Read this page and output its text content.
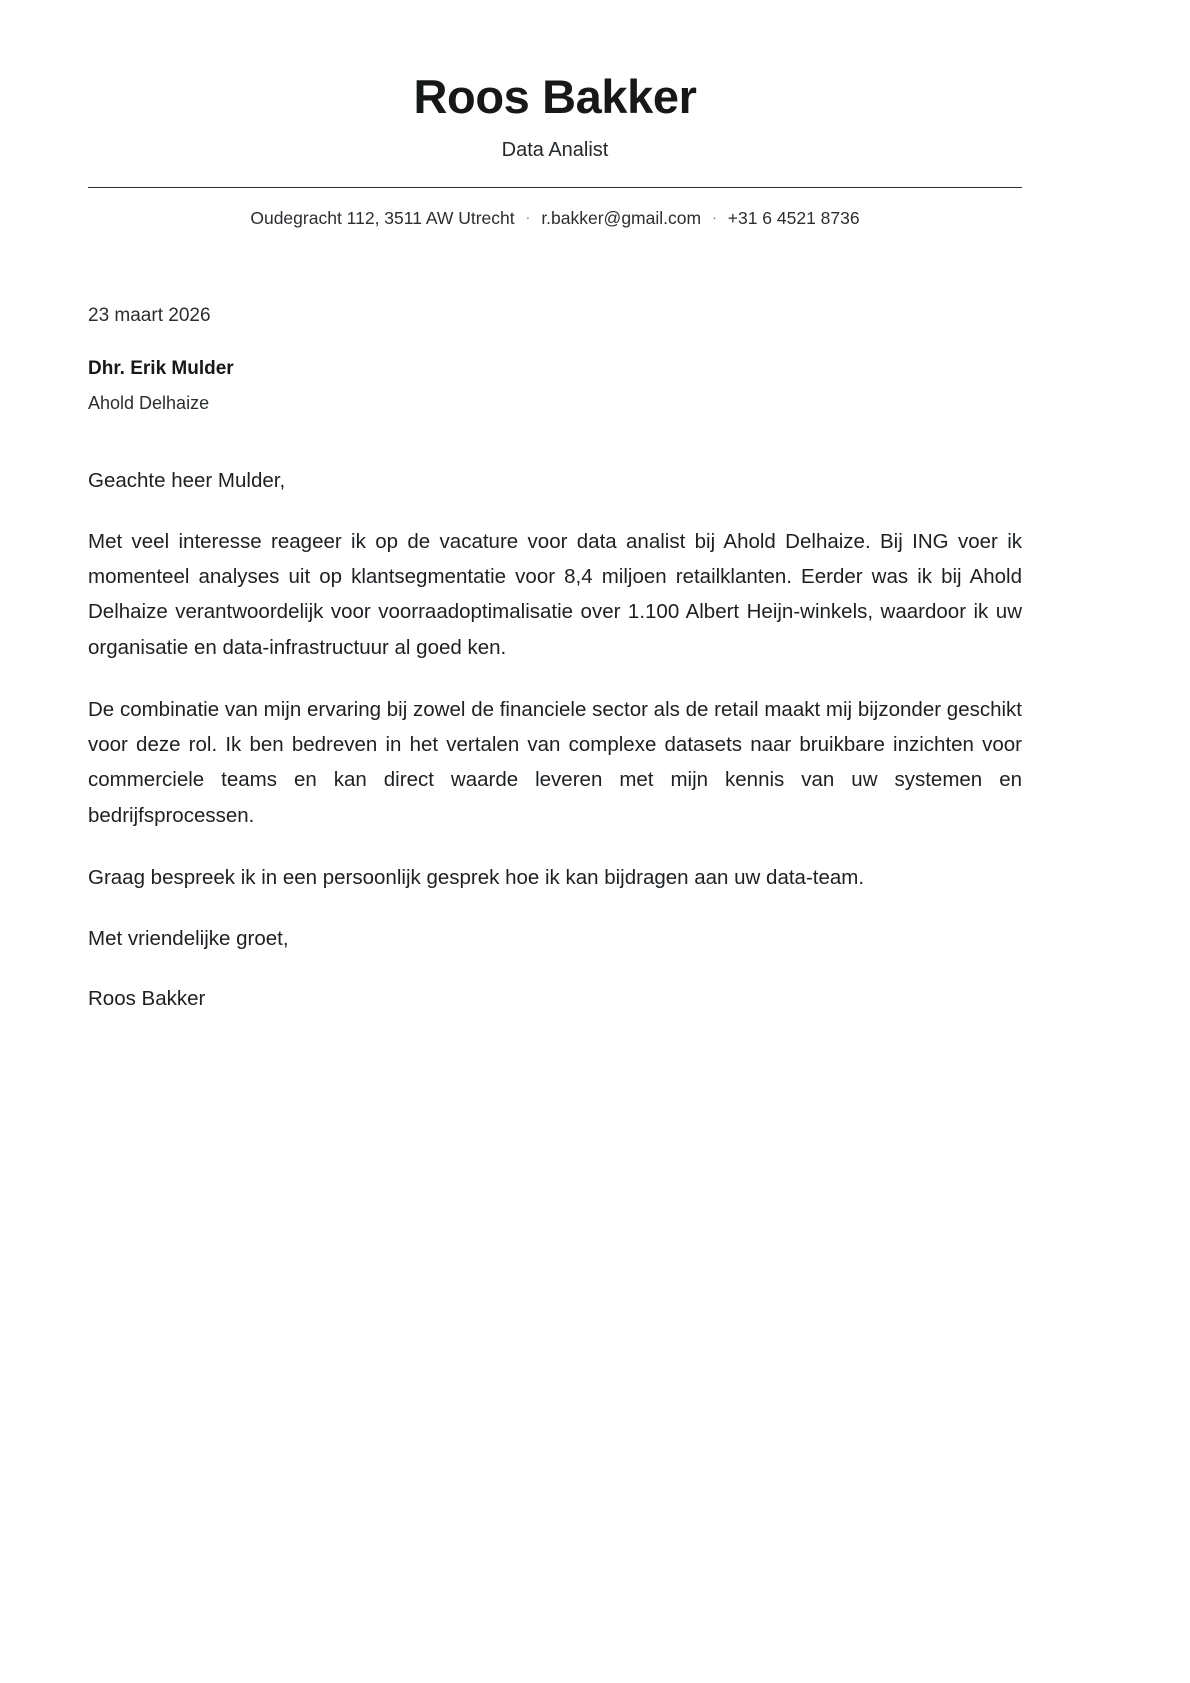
Roos Bakker

Data Analist

Oudegracht 112, 3511 AW Utrecht · r.bakker@gmail.com · +31 6 4521 8736

23 maart 2026

Dhr. Erik Mulder

Ahold Delhaize

Geachte heer Mulder,

Met veel interesse reageer ik op de vacature voor data analist bij Ahold Delhaize. Bij ING voer ik momenteel analyses uit op klantsegmentatie voor 8,4 miljoen retailklanten. Eerder was ik bij Ahold Delhaize verantwoordelijk voor voorraadoptimalisatie over 1.100 Albert Heijn-winkels, waardoor ik uw organisatie en data-infrastructuur al goed ken.

De combinatie van mijn ervaring bij zowel de financiele sector als de retail maakt mij bijzonder geschikt voor deze rol. Ik ben bedreven in het vertalen van complexe datasets naar bruikbare inzichten voor commerciele teams en kan direct waarde leveren met mijn kennis van uw systemen en bedrijfsprocessen.

Graag bespreek ik in een persoonlijk gesprek hoe ik kan bijdragen aan uw data-team.

Met vriendelijke groet,

Roos Bakker
